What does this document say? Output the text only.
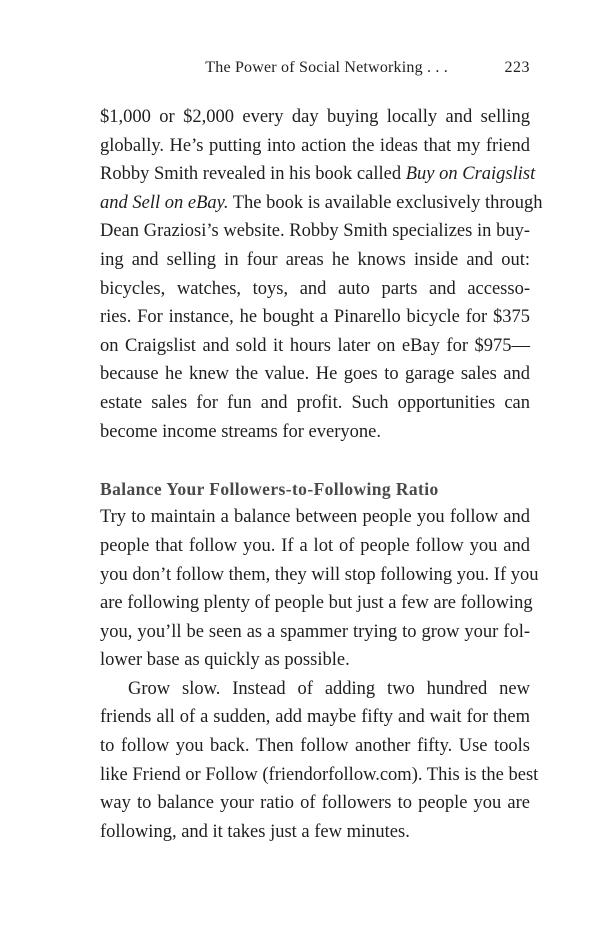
The Power of Social Networking . . .	223
$1,000 or $2,000 every day buying locally and selling
globally. He’s putting into action the ideas that my friend
Robby Smith revealed in his book called Buy on Craigslist
and Sell on eBay. The book is available exclusively through
Dean Graziosi’s website. Robby Smith specializes in buy-
ing and selling in four areas he knows inside and out:
bicycles, watches, toys, and auto parts and accesso-
ries. For instance, he bought a Pinarello bicycle for $375
on Craigslist and sold it hours later on eBay for $975—
because he knew the value. He goes to garage sales and
estate sales for fun and profit. Such opportunities can
become income streams for everyone.
Balance Your Followers-to-Following Ratio
Try to maintain a balance between people you follow and
people that follow you. If a lot of people follow you and
you don’t follow them, they will stop following you. If you
are following plenty of people but just a few are following
you, you’ll be seen as a spammer trying to grow your fol-
lower base as quickly as possible.
Grow slow. Instead of adding two hundred new
friends all of a sudden, add maybe fifty and wait for them
to follow you back. Then follow another fifty. Use tools
like Friend or Follow (friendorfollow.com). This is the best
way to balance your ratio of followers to people you are
following, and it takes just a few minutes.
